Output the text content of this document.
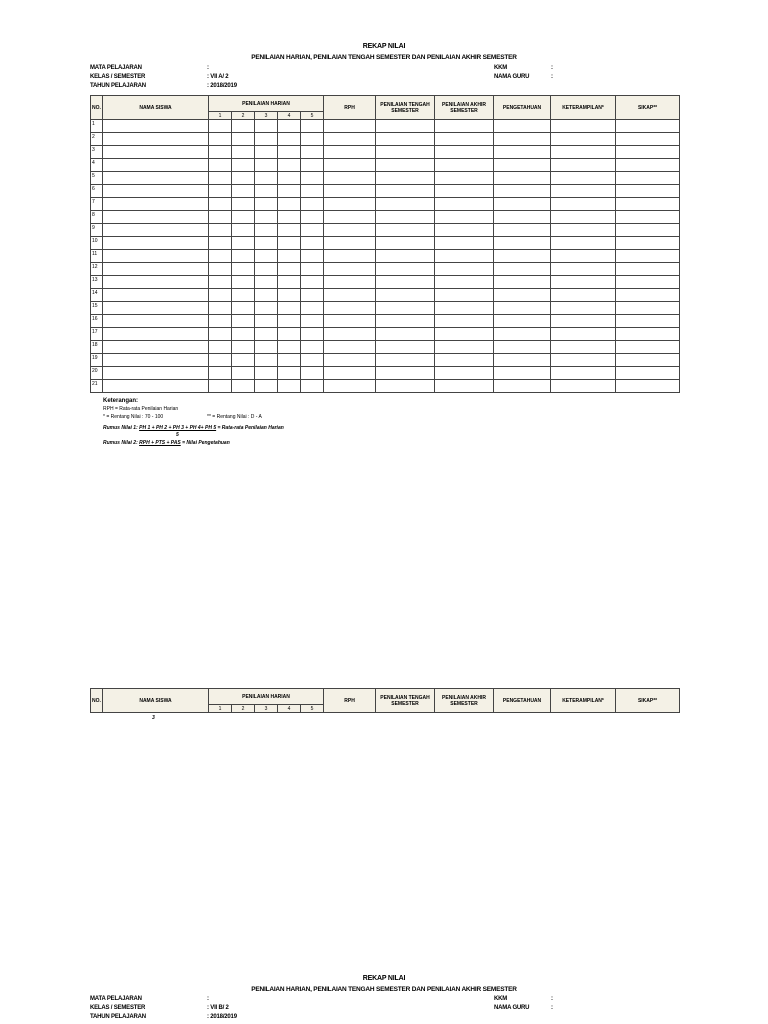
REKAP NILAI
PENILAIAN HARIAN, PENILAIAN TENGAH SEMESTER DAN PENILAIAN AKHIR SEMESTER
MATA PELAJARAN	:
KELAS / SEMESTER	: VII A/ 2
TAHUN PELAJARAN	: 2018/2019
KKM	:
NAMA GURU	:
NO.	NAMA SISWA	PENILAIAN HARIAN					RPH	PENILAIAN TENGAH SEMESTER	PENILAIAN AKHIR SEMESTER	PENGETAHUAN	KETERAMPILAN*	SIKAP**
		1	2	3	4	5						
1												
2												
3												
4												
5												
6												
7												
8												
9												
10												
11												
12												
13												
14												
15												
16												
17												
18												
19												
20												
21												
Keterangan:
RPH = Rata-rata Penilaian Harian
* = Rentang Nilai : 70 - 100	** = Rentang Nilai : D - A
Rumus Nilai 1: PH 1 + PH 2 + PH 3 + PH 4+ PH 5 = Rata-rata Penilaian Harian
5
Rumus Nilai 2: RPH + PTS + PAS = Nilai Pengetahuan
NO.	NAMA SISWA	PENILAIAN HARIAN					RPH	PENILAIAN TENGAH SEMESTER	PENILAIAN AKHIR SEMESTER	PENGETAHUAN	KETERAMPILAN*	SIKAP**
		1	2	3	4	5						
3
REKAP NILAI
PENILAIAN HARIAN, PENILAIAN TENGAH SEMESTER DAN PENILAIAN AKHIR SEMESTER
MATA PELAJARAN	:
KELAS / SEMESTER	: VII B/ 2
TAHUN PELAJARAN	: 2018/2019
KKM	:
NAMA GURU	:
